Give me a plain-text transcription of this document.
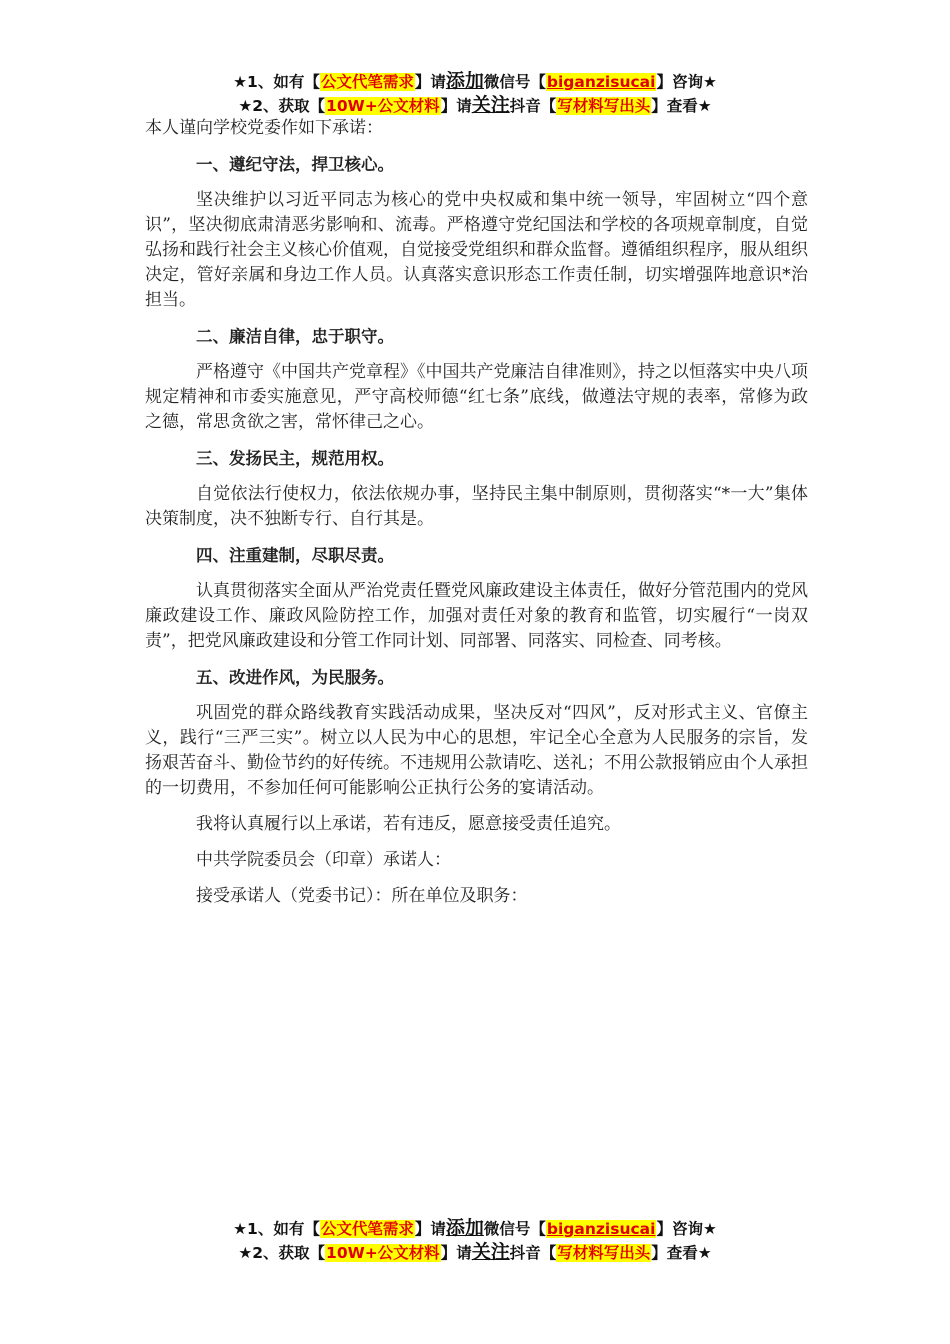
★1、如有【公文代笔需求】请添加微信号【biganzisucai】咨询★
★2、获取【10W+公文材料】请关注抖音【写材料写出头】查看★

本人谨向学校党委作如下承诺：

一、遵纪守法，捍卫核心。

坚决维护以习近平同志为核心的党中央权威和集中统一领导，牢固树立“四个意识”，坚决彻底肃清恶劣影响和、流毒。严格遵守党纪国法和学校的各项规章制度，自觉弘扬和践行社会主义核心价值观，自觉接受党组织和群众监督。遵循组织程序，服从组织决定，管好亲属和身边工作人员。认真落实意识形态工作责任制，切实增强阵地意识*治担当。

二、廉洁自律，忠于职守。

严格遵守《中国共产党章程》《中国共产党廉洁自律准则》，持之以恒落实中央八项规定精神和市委实施意见，严守高校师德“红七条”底线，做遵法守规的表率，常修为政之德，常思贪欲之害，常怀律己之心。

三、发扬民主，规范用权。

自觉依法行使权力，依法依规办事，坚持民主集中制原则，贯彻落实“*一大”集体决策制度，决不独断专行、自行其是。

四、注重建制，尽职尽责。

认真贯彻落实全面从严治党责任暨党风廉政建设主体责任，做好分管范围内的党风廉政建设工作、廉政风险防控工作，加强对责任对象的教育和监管，切实履行“一岗双责”，把党风廉政建设和分管工作同计划、同部署、同落实、同检查、同考核。

五、改进作风，为民服务。

巩固党的群众路线教育实践活动成果，坚决反对“四风”，反对形式主义、官僚主义，践行“三严三实”。树立以人民为中心的思想，牢记全心全意为人民服务的宗旨，发扬艰苦奋斗、勤俭节约的好传统。不违规用公款请吃、送礼；不用公款报销应由个人承担的一切费用，不参加任何可能影响公正执行公务的宴请活动。

我将认真履行以上承诺，若有违反，愿意接受责任追究。

中共学院委员会（印章）承诺人：

接受承诺人（党委书记）：所在单位及职务：

★1、如有【公文代笔需求】请添加微信号【biganzisucai】咨询★
★2、获取【10W+公文材料】请关注抖音【写材料写出头】查看★
